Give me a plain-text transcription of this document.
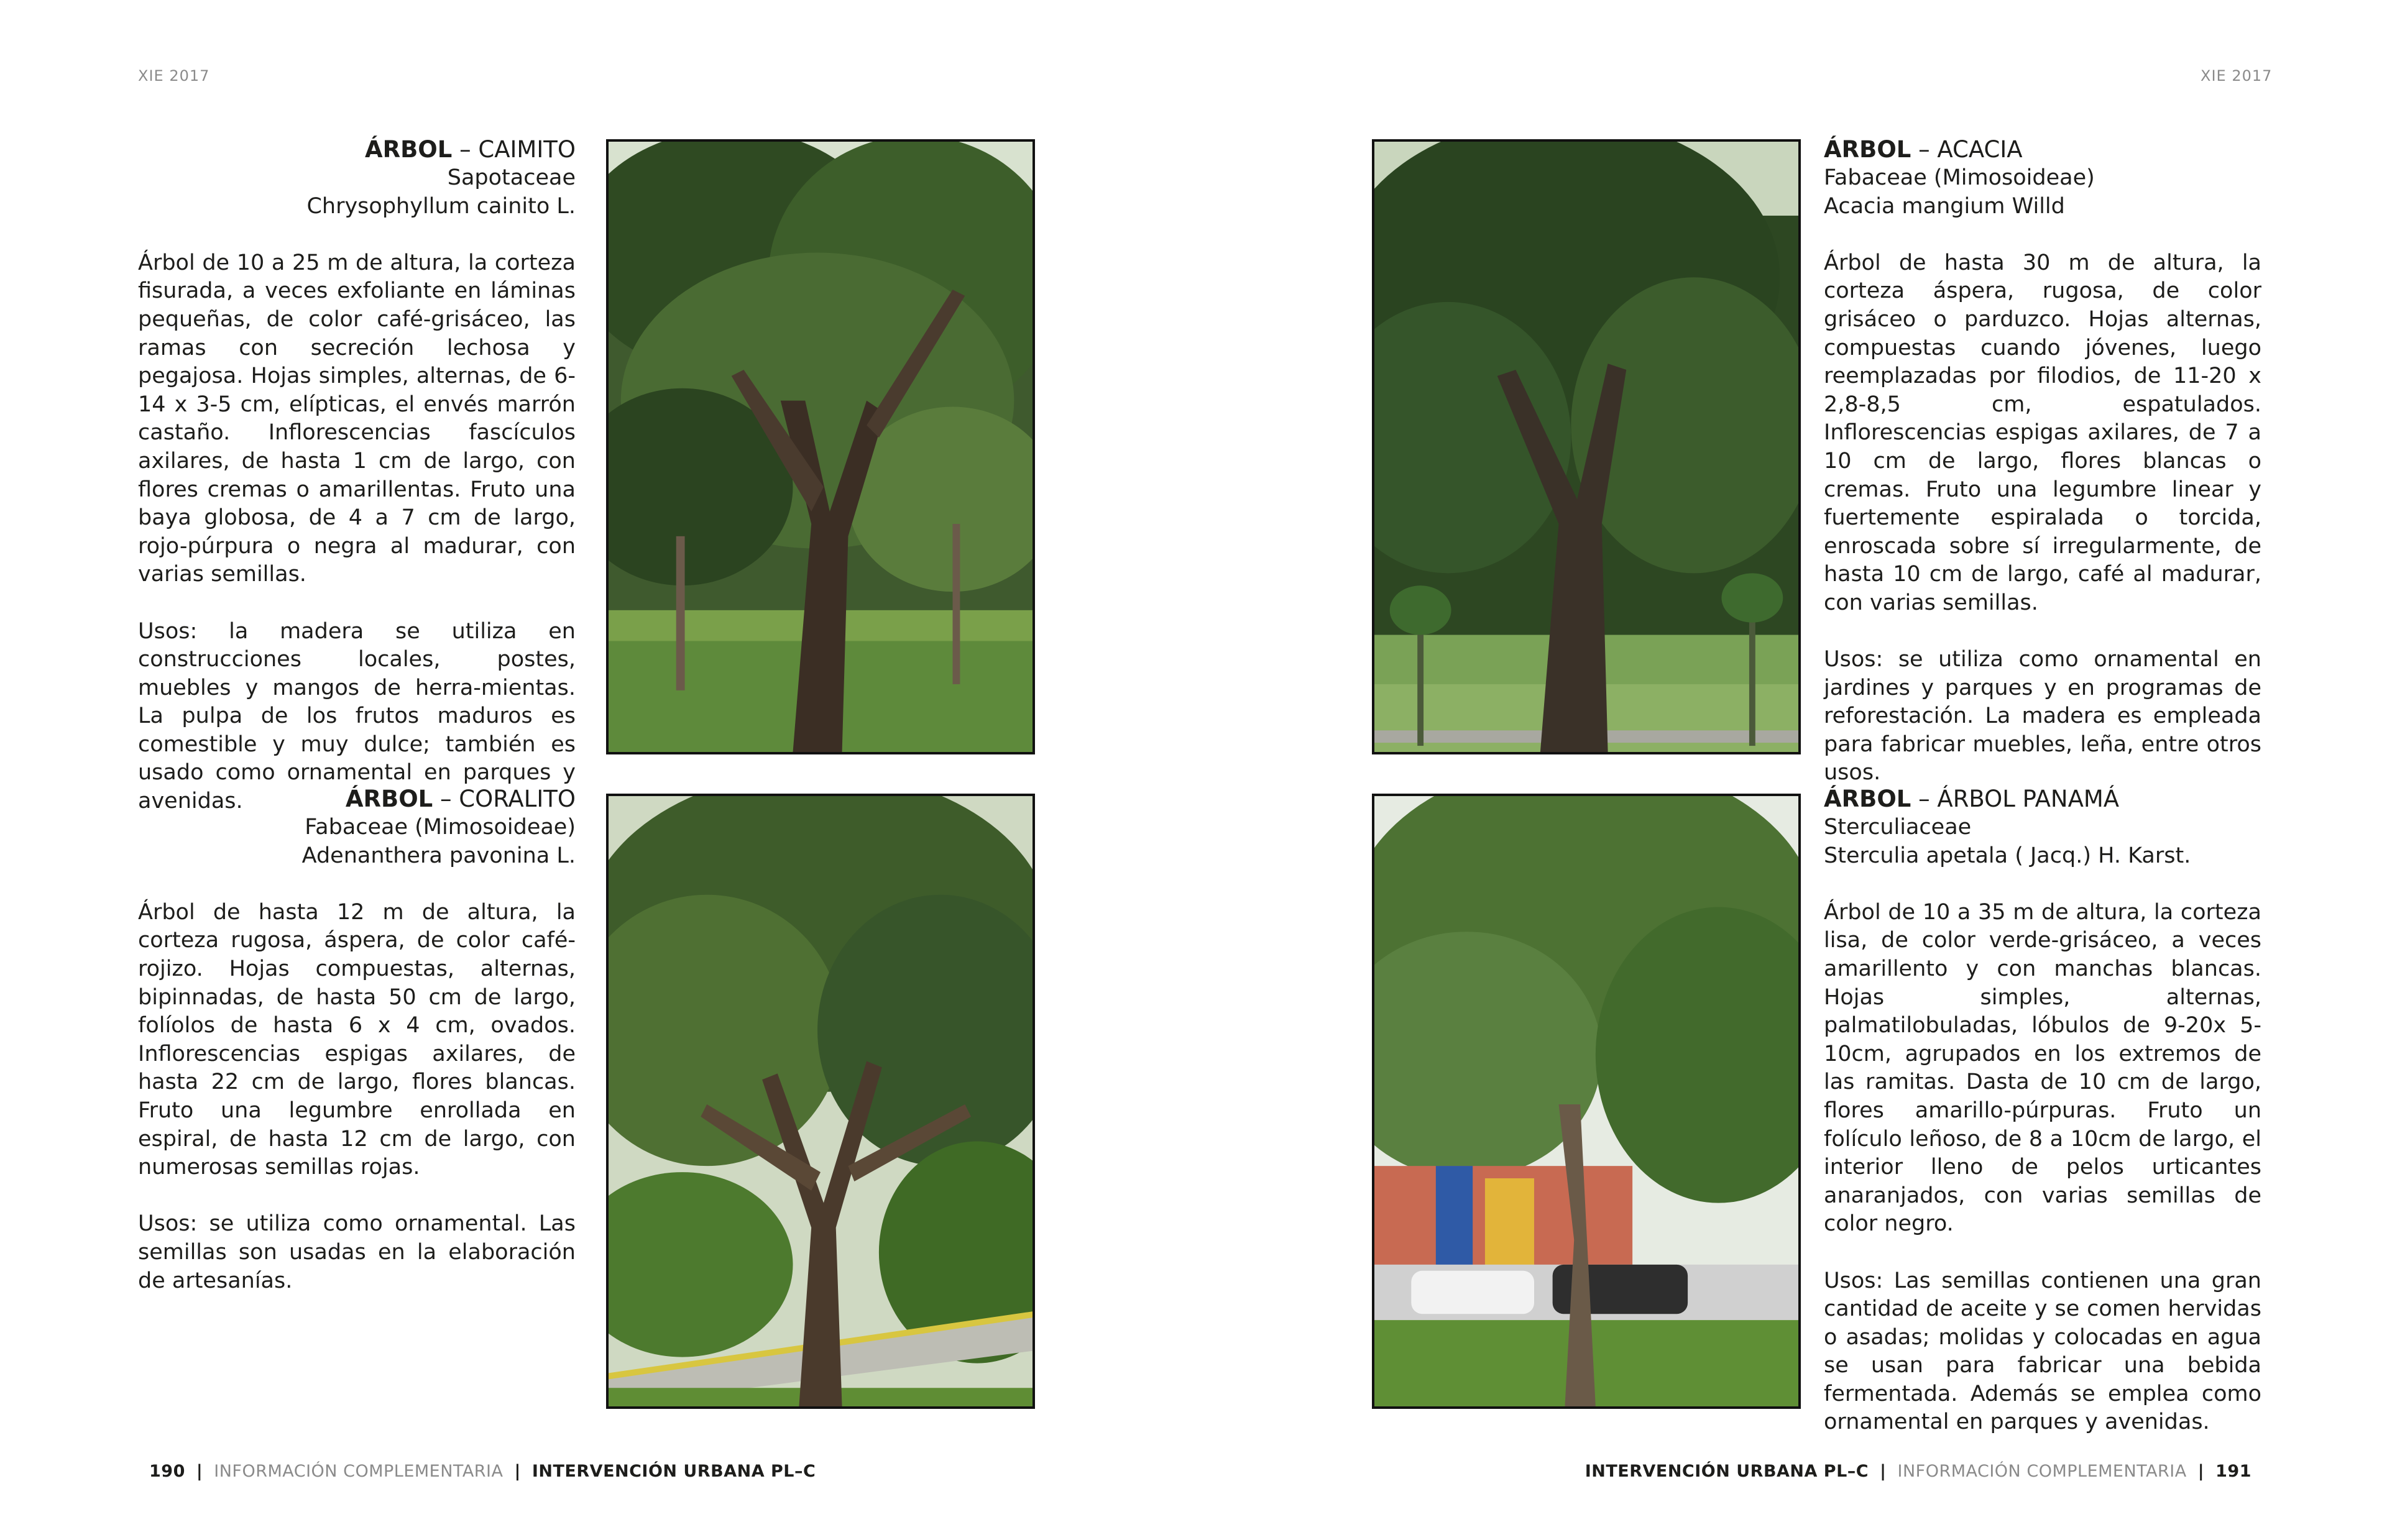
XIE 2017	XIE 2017
ÁRBOL – CAIMITO
Sapotaceae
Chrysophyllum cainito L.
Árbol de 10 a 25 m de altura, la corteza fisurada, a veces exfoliante en láminas pequeñas, de color café-grisáceo, las ramas con secreción lechosa y pegajosa. Hojas simples, alternas, de 6-14 x 3-5 cm, elípticas, el envés marrón castaño. Inflorescencias fascículos axilares, de hasta 1 cm de largo, con flores cremas o amarillentas. Fruto una baya globosa, de 4 a 7 cm de largo, rojo-púrpura o negra al madurar, con varias semillas.
Usos: la madera se utiliza en construcciones locales, postes, muebles y mangos de herra-mientas. La pulpa de los frutos maduros es comestible y muy dulce; también es usado como ornamental en parques y avenidas.	ÁRBOL – CORALITO
Fabaceae (Mimosoideae)
Adenanthera pavonina L.
Árbol de hasta 12 m de altura, la corteza rugosa, áspera, de color café-rojizo. Hojas compuestas, alternas, bipinnadas, de hasta 50 cm de largo, folíolos de hasta 6 x 4 cm, ovados. Inflorescencias espigas axilares, de hasta 22 cm de largo, flores blancas. Fruto una legumbre enrollada en espiral, de hasta 12 cm de largo, con numerosas semillas rojas.
Usos: se utiliza como ornamental. Las semillas son usadas en la elaboración de artesanías.
ÁRBOL – ACACIA
Fabaceae (Mimosoideae)
Acacia mangium Willd
Árbol de hasta 30 m de altura, la corteza áspera, rugosa, de color grisáceo o parduzco. Hojas alternas, compuestas cuando jóvenes, luego reemplazadas por filodios, de 11-20 x 2,8-8,5 cm, espatulados. Inflorescencias espigas axilares, de 7 a 10 cm de largo, flores blancas o cremas. Fruto una legumbre linear y fuertemente espiralada o torcida, enroscada sobre sí irregularmente, de hasta 10 cm de largo, café al madurar, con varias semillas.
Usos: se utiliza como ornamental en jardines y parques y en programas de reforestación. La madera es empleada para fabricar muebles, leña, entre otros usos.
ÁRBOL – ÁRBOL PANAMÁ
Sterculiaceae
Sterculia apetala ( Jacq.) H. Karst.
Árbol de 10 a 35 m de altura, la corteza lisa, de color verde-grisáceo, a veces amarillento y con manchas blancas. Hojas simples, alternas, palmatilobuladas, lóbulos de 9-20x 5-10cm, agrupados en los extremos de las ramitas. Dasta de 10 cm de largo, flores amarillo-púrpuras. Fruto un folículo leñoso, de 8 a 10cm de largo, el interior lleno de pelos urticantes anaranjados, con varias semillas de color negro.
Usos: Las semillas contienen una gran cantidad de aceite y se comen hervidas o asadas; molidas y colocadas en agua se usan para fabricar una bebida fermentada. Además se emplea como ornamental en parques y avenidas.
190 | INFORMACIÓN COMPLEMENTARIA | INTERVENCIÓN URBANA PL–C	INTERVENCIÓN URBANA PL–C | INFORMACIÓN COMPLEMENTARIA | 191
